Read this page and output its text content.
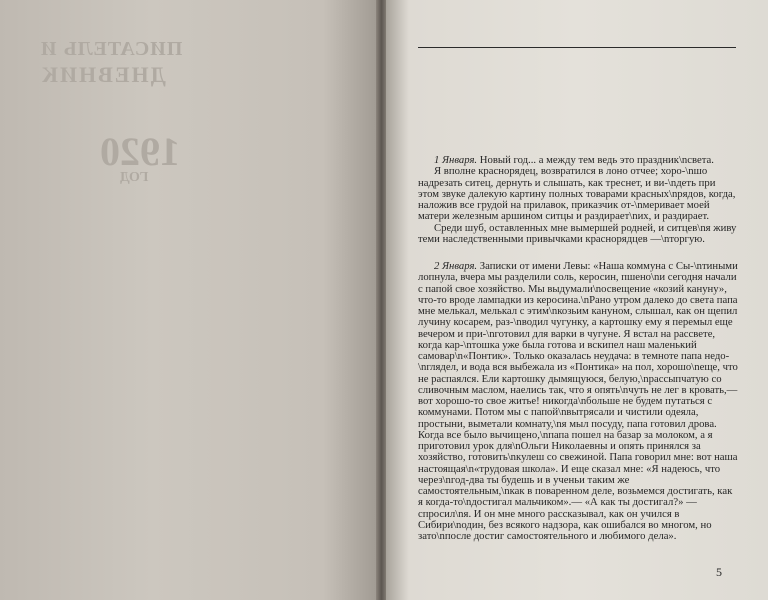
ПИСАТЕЛЬ И
ДНЕВНИК
1920
ГОД

1 Января. Новый год... а между тем ведь это праздник\nсвета.

Я вполне краснорядец, возвратился в лоно отчее; хоро-\nшо надрезать ситец, дернуть и слышать, как треснет, и ви-\nдеть при этом звуке далекую картину полных товарами красных\nрядов, когда, наложив все грудой на прилавок, приказчик от-\nмеривает моей матери железным аршином ситцы и раздирает\nих, и раздирает.

Среди шуб, оставленных мне вымершей родней, и ситцев\nя живу теми наследственными привычками краснорядцев —\nторгую.

2 Января. Записки от имени Левы: «Наша коммуна с Сы-\nтиными лопнула, вчера мы разделили соль, керосин, пшено\nи сегодня начали с папой свое хозяйство. Мы выдумали\nосвещение «козий кануну», что-то вроде лампадки из керосина.\nРано утром далеко до света папа мне мелькал, мелькал с этим\nкозьим кануном, слышал, как он щепил лучину косарем, раз-\nводил чугунку, а картошку ему я перемыл еще вечером и при-\nготовил для варки в чугуне. Я встал на рассвете, когда кар-\nтошка уже была готова и вскипел наш маленький самовар\n«Понтик». Только оказалась неудача: в темноте папа недо-\nглядел, и вода вся выбежала из «Понтика» на пол, хорошо\nеще, что не распаялся. Ели картошку дымящуюся, белую,\nрассыпчатую со сливочным маслом, наелись так, что я опять\nчуть не лег в кровать,— вот хорошо-то свое житье! никогда\nбольше не будем путаться с коммунами. Потом мы с папой\nвытрясали и чистили одеяла, простыни, выметали комнату,\nя мыл посуду, папа готовил дрова. Когда все было вычищено,\nпапа пошел на базар за молоком, а я приготовил урок для\nОльги Николаевны и опять принялся за хозяйство, готовить\nкулеш со свежиной. Папа говорил мне: вот наша настоящая\n«трудовая школа». И еще сказал мне: «Я надеюсь, что через\nгод-два ты будешь и в ученьи таким же самостоятельным,\nкак в поваренном деле, возьмемся достигать, как я когда-то\nдостигал мальчиком».— «А как ты достигал?» — спросил\nя. И он мне много рассказывал, как он учился в Сибири\nодин, без всякого надзора, как ошибался во многом, но зато\nпосле достиг самостоятельного и любимого дела».

5
